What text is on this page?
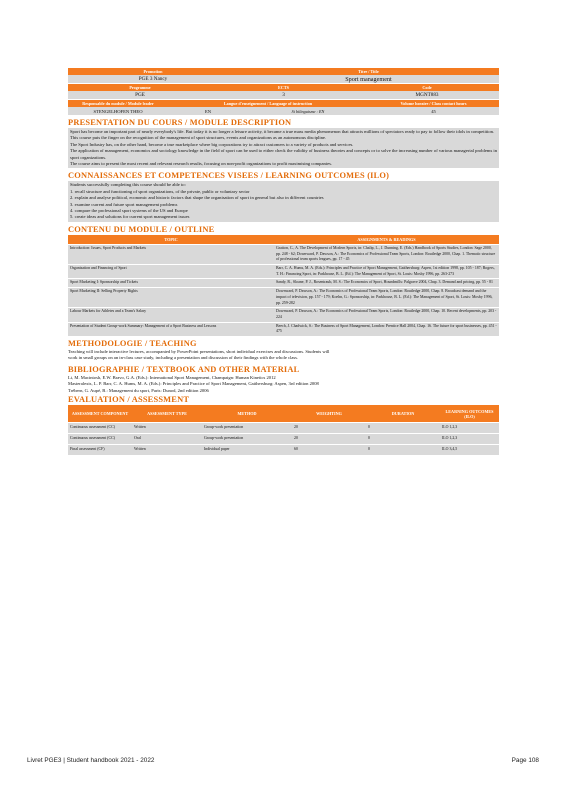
Promotion	Titre / Title
PGE 3 Nancy	Sport management
Programme	ECTS	Code
PGE	3	MGNT883
Responsable du module / Module leader	Langue d'enseignement / Language of instruction	Volume horaire / Class contact hours
STENGELHOFEN THEO	EN	Si bilinguisme : EN	45
PRESENTATION DU COURS / MODULE DESCRIPTION
Sport has become an important part of nearly everybody's life. But today it is no longer a leisure activity, it became a true mass media phenomenon that attracts millions of spectators ready to pay to follow their idols in competition.
This course puts the finger on the recognition of the management of sport structures, events and organizations as an autonomous discipline.
The Sport Industry has, on the other hand, become a true marketplace where big corporations try to attract customers to a variety of products and services.
The application of management, economics and sociology knowledge in the field of sport can be used to either check the validity of business theories and concepts or to solve the increasing number of various managerial problems in sport organizations.
The course aims to present the most recent and relevant research results, focusing on non-profit organizations to profit maximising companies.
CONNAISSANCES ET COMPETENCES VISEES / LEARNING OUTCOMES (ILO)
Students successfully completing this course should be able to:
1. recall structure and functioning of sport organizations, of the private, public or voluntary sector
2. explain and analyse political, economic and historic factors that shape the organisation of sport in general but also in different countries
3. examine current and future sport management problems
4. compare the professional sport systems of the US and Europe
5. create ideas and solutions for current sport management issues
CONTENU DU MODULE / OUTLINE
TOPIC	ASSIGNMENTS & READINGS
Introduction: Issues, Sport Products and Markets	Gratton, C., A. The Development of Modern Sports, in: Chalip, L., J. Dunning, E. (Eds.) Handbook of Sports Studies, London: Sage 2000, pp. 248 - 62; Downward, P. Dawson, A.: The Economics of Professional Team Sports, London: Routledge 2000, Chap. 1. Thematic structure of professional team sports leagues, pp. 17 - 45
Organisation and Financing of Sport	Barr, C. A. Hums, M. A. (Eds.): Principles and Practice of Sport Management, Gaithersburg: Aspen, 1st edition 1998, pp. 105 - 187; Rogers, T. H.: Financing Sport, in: Parkhouse, B. L. (Ed.): The Management of Sport, St. Louis: Mosby 1996, pp. 263-273
Sport Marketing I: Sponsorship and Tickets	Sandy, R., Sloane, P. J., Rosentraub, M. S.: The Economics of Sport, Houndmills: Palgrave 2004, Chap. 3. Demand and pricing, pp. 55 - 81
Sport Marketing II: Selling Property Rights	Downward, P. Dawson, A.: The Economics of Professional Team Sports, London: Routledge 2000, Chap. 8. Broadcast demand and the impact of television, pp. 157 - 179; Koehn, G.: Sponsorship, in: Parkhouse, B. L. (Ed.): The Management of Sport, St. Louis: Mosby 1996, pp. 259-282
Labour Markets for Athletes and a Team's Salary	Downward, P. Dawson, A.: The Economics of Professional Team Sports, London: Routledge 2000, Chap. 10. Recent developments, pp. 203 - 224
Presentation of Student Group-work Summary: Management of a Sport Business and Lessons	Beech, J. Chadwick, S.: The Business of Sport Management, London: Prentice Hall 2004, Chap. 16. The future for sport businesses, pp. 451 - 475
METHODOLOGIE / TEACHING
Teaching will include interactive lectures, accompanied by PowerPoint presentations, short individual exercises and discussions. Students will
work in small groups on an in-class case study, including a presentation and discussion of their findings with the whole class.
BIBLIOGRAPHIE / TEXTBOOK AND OTHER MATERIAL
Li, M. Macintosh, E.W. Bravo, G.A. (Eds.): International Sport Management, Champaign: Human Kinetics 2012
Masteralexis, L. P. Barr, C. A. Hums, M. A. (Eds.): Principles and Practice of Sport Management, Gaithersburg: Aspen, 3rd edition 2008
Trébern, G. Aupé, B.: Management du sport, Paris: Dunod, 2nd edition 2006
EVALUATION / ASSESSMENT
ASSESSMENT COMPONENT	ASSESSMENT TYPE	METHOD	WEIGHTING	DURATION	LEARNING OUTCOMES (ILO)
Continuous assessment (CC)	Written	Group-work presentation	20	0	ILO 1,2,3
Continuous assessment (CC)	Oral	Group-work presentation	20	0	ILO 1,2,3
Final assessment (CF)	Written	Individual paper	60	0	ILO 3,4,5
Livret PGE3 | Student handbook 2021 - 2022	Page 108
